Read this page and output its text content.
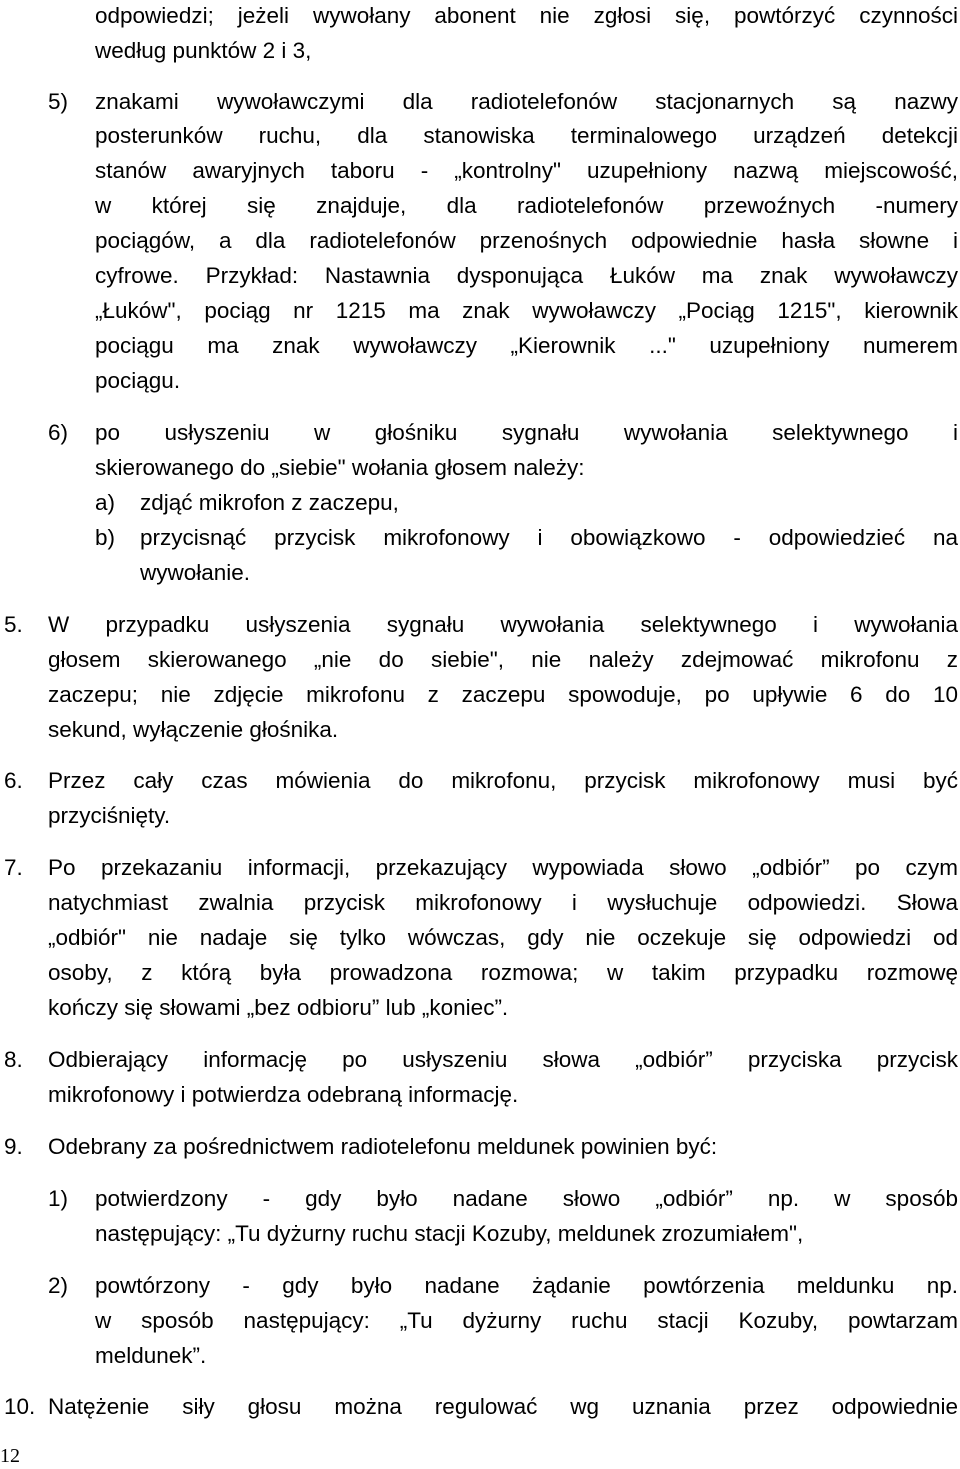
odpowiedzi; jeżeli wywołany abonent nie zgłosi się, powtórzyć czynności
według punktów 2 i 3,
5) znakami wywoławczymi dla radiotelefonów stacjonarnych są nazwy
posterunków ruchu, dla stanowiska terminalowego urządzeń detekcji
stanów awaryjnych taboru - „kontrolny" uzupełniony nazwą miejscowość,
w której się znajduje, dla radiotelefonów przewoźnych -numery
pociągów, a dla radiotelefonów przenośnych odpowiednie hasła słowne i
cyfrowe. Przykład: Nastawnia dysponująca Łuków ma znak wywoławczy
„Łuków", pociąg nr 1215 ma znak wywoławczy „Pociąg 1215", kierownik
pociągu ma znak wywoławczy „Kierownik ..." uzupełniony numerem
pociągu.
6) po usłyszeniu w głośniku sygnału wywołania selektywnego i
skierowanego do „siebie" wołania głosem należy:
a) zdjąć mikrofon z zaczepu,
b) przycisnąć przycisk mikrofonowy i obowiązkowo - odpowiedzieć na
wywołanie.
5. W przypadku usłyszenia sygnału wywołania selektywnego i wywołania
głosem skierowanego „nie do siebie", nie należy zdejmować mikrofonu z
zaczepu; nie zdjęcie mikrofonu z zaczepu spowoduje, po upływie 6 do 10
sekund, wyłączenie głośnika.
6. Przez cały czas mówienia do mikrofonu, przycisk mikrofonowy musi być
przyciśnięty.
7. Po przekazaniu informacji, przekazujący wypowiada słowo „odbiór” po czym
natychmiast zwalnia przycisk mikrofonowy i wysłuchuje odpowiedzi. Słowa
„odbiór" nie nadaje się tylko wówczas, gdy nie oczekuje się odpowiedzi od
osoby, z którą była prowadzona rozmowa; w takim przypadku rozmowę
kończy się słowami „bez odbioru” lub „koniec”.
8. Odbierający informację po usłyszeniu słowa „odbiór” przyciska przycisk
mikrofonowy i potwierdza odebraną informację.
9. Odebrany za pośrednictwem radiotelefonu meldunek powinien być:
1) potwierdzony - gdy było nadane słowo „odbiór” np. w sposób
następujący: „Tu dyżurny ruchu stacji Kozuby, meldunek zrozumiałem",
2) powtórzony - gdy było nadane żądanie powtórzenia meldunku np.
w sposób następujący: „Tu dyżurny ruchu stacji Kozuby, powtarzam
meldunek”.
10. Natężenie siły głosu można regulować wg uznania przez odpowiednie
12
